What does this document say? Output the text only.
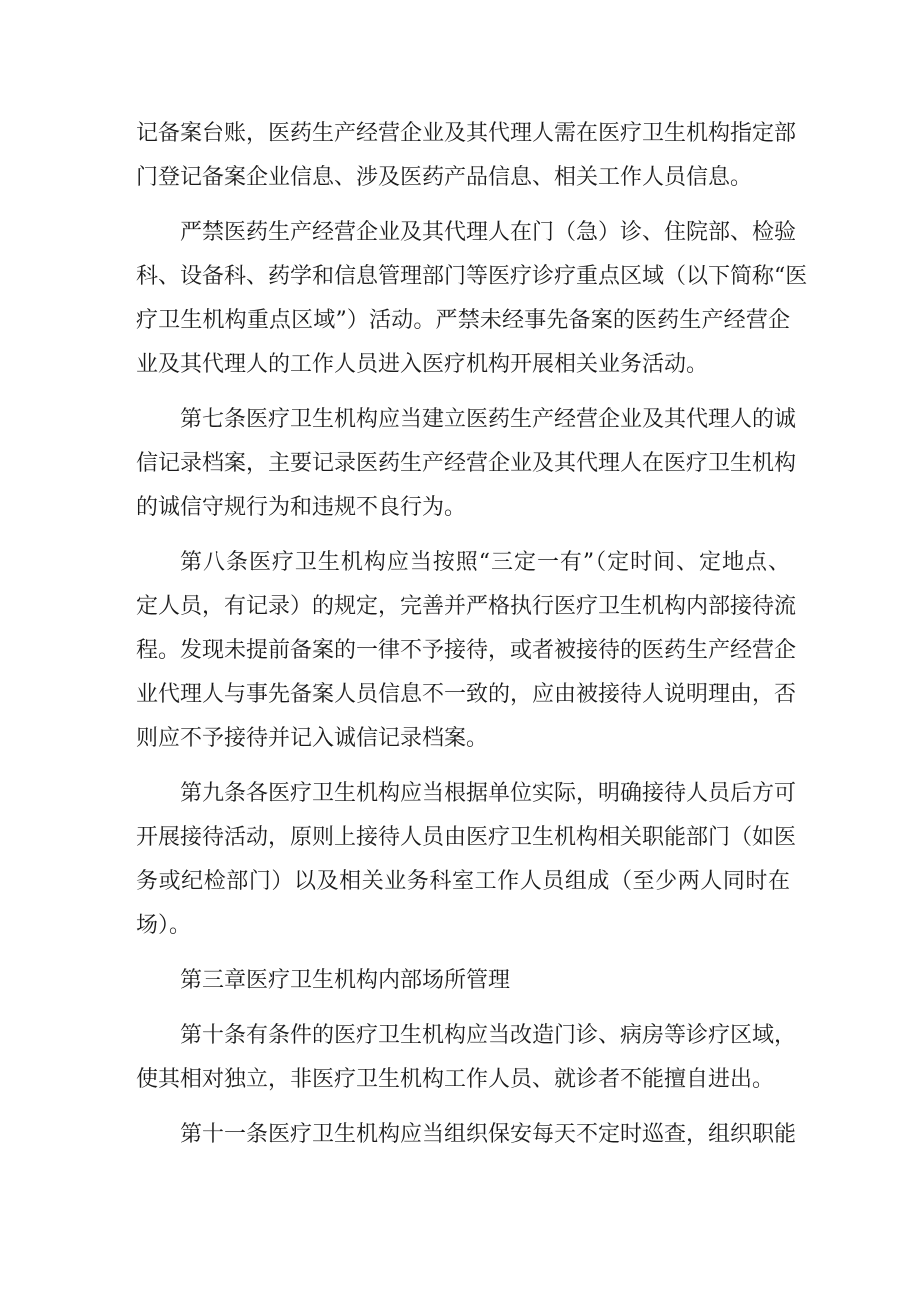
记备案台账，医药生产经营企业及其代理人需在医疗卫生机构指定部
门登记备案企业信息、涉及医药产品信息、相关工作人员信息。
严禁医药生产经营企业及其代理人在门（急）诊、住院部、检验
科、设备科、药学和信息管理部门等医疗诊疗重点区域（以下简称“医
疗卫生机构重点区域”）活动。严禁未经事先备案的医药生产经营企
业及其代理人的工作人员进入医疗机构开展相关业务活动。
第七条医疗卫生机构应当建立医药生产经营企业及其代理人的诚
信记录档案，主要记录医药生产经营企业及其代理人在医疗卫生机构
的诚信守规行为和违规不良行为。
第八条医疗卫生机构应当按照“三定一有”（定时间、定地点、
定人员，有记录）的规定，完善并严格执行医疗卫生机构内部接待流
程。发现未提前备案的一律不予接待，或者被接待的医药生产经营企
业代理人与事先备案人员信息不一致的，应由被接待人说明理由，否
则应不予接待并记入诚信记录档案。
第九条各医疗卫生机构应当根据单位实际，明确接待人员后方可
开展接待活动，原则上接待人员由医疗卫生机构相关职能部门（如医
务或纪检部门）以及相关业务科室工作人员组成（至少两人同时在
场）。
第三章医疗卫生机构内部场所管理
第十条有条件的医疗卫生机构应当改造门诊、病房等诊疗区域，
使其相对独立，非医疗卫生机构工作人员、就诊者不能擅自进出。
第十一条医疗卫生机构应当组织保安每天不定时巡查，组织职能
